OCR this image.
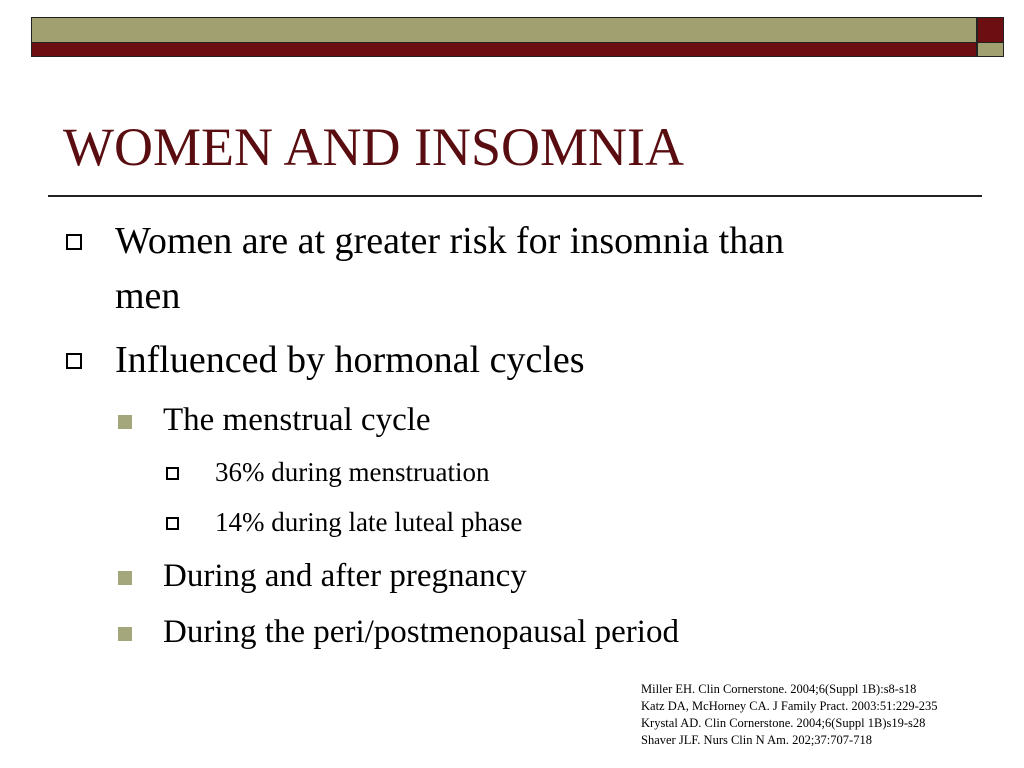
WOMEN AND INSOMNIA
Women are at greater risk for insomnia than
men
Influenced by hormonal cycles
The menstrual cycle
36% during menstruation
14% during late luteal phase
During and after pregnancy
During the peri/postmenopausal period
Miller EH. Clin Cornerstone. 2004;6(Suppl 1B):s8-s18
Katz DA, McHorney CA. J Family Pract. 2003:51:229-235
Krystal AD. Clin Cornerstone. 2004;6(Suppl 1B)s19-s28
Shaver JLF. Nurs Clin N Am. 202;37:707-718
